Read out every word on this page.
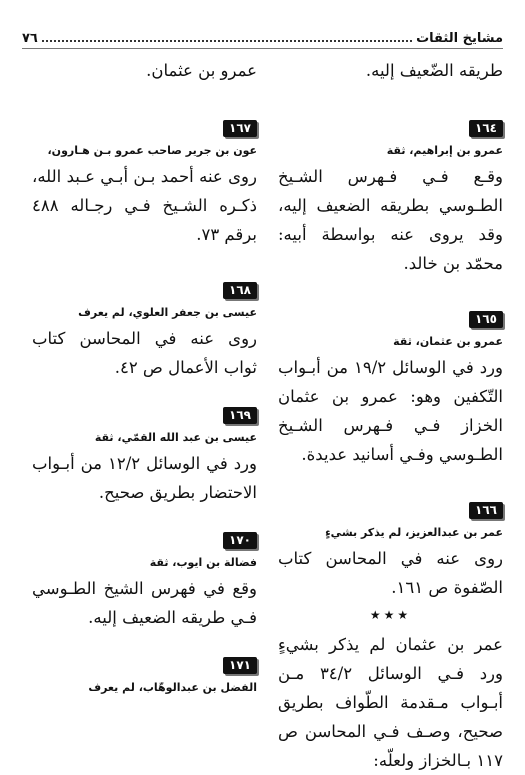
مشايخ الثقات
٧٦

طريقه الضّعيف إليه.

١٦٤
عمرو بن إبراهيم، ثقة

وقـع فـي فـهرس الشـيخ الطـوسي بطريقه الضعيف إليه، وقد يروى عنه بواسطة أبيه: محمّد بن خالد.

١٦٥
عمرو بن عثمان، ثقة

ورد في الوسائل ١٩/٢ من أبـواب التّكفين وهو: عمرو بن عثمان الخزاز فـي فـهرس الشـيخ الطـوسي وفـي أسانيد عديدة.

١٦٦
عمر بن عبدالعزيز، لم يذكر بشيءٍ

روى عنه في المحاسن كتاب الصّفوة ص ١٦١.

★★★

عمر بن عثمان لم يذكر بشيءٍ ورد فـي الوسائل ٣٤/٢ مـن أبـواب مـقدمة الطّواف بطريق صحيح، وصـف فـي المحاسن ص ١١٧ بـالخزاز ولعلّه:

عمرو بن عثمان.

١٦٧
عون بن جرير صاحب عمرو بـن هـارون،

روى عنه أحمد بـن أبـي عـبد الله، ذكـره الشـيخ فـي رجـاله ٤٨٨ برقم ٧٣.

١٦٨
عيسى بن جعفر العلوي، لم يعرف

روى عنه في المحاسن كتاب ثواب الأعمال ص ٤٢.

١٦٩
عيسى بن عبد الله القمّي، ثقة

ورد في الوسائل ١٢/٢ من أبـواب الاحتضار بطريق صحيح.

١٧٠
فضالة بن ايوب، ثقة

وقع في فهرس الشيخ الطـوسي فـي طريقه الضعيف إليه.

١٧١
الفضل بن عبدالوهّاب، لم يعرف
